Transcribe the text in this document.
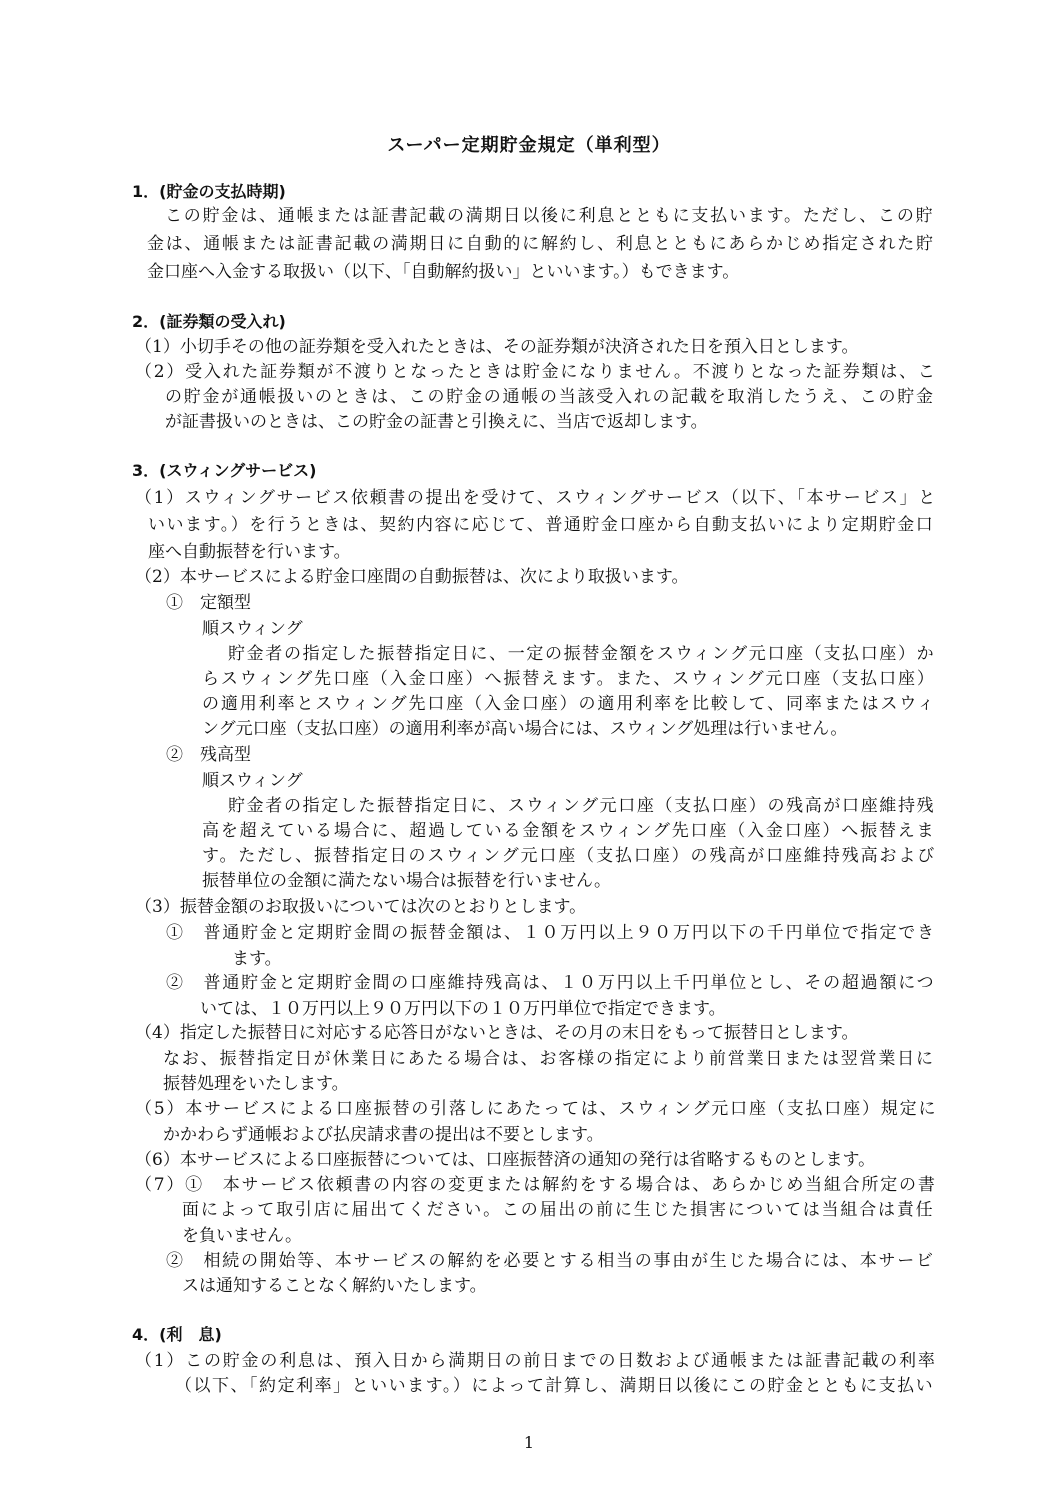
スーパー定期貯金規定（単利型）
1．(貯金の支払時期)
この貯金は、通帳または証書記載の満期日以後に利息とともに支払います。ただし、この貯
金は、通帳または証書記載の満期日に自動的に解約し、利息とともにあらかじめ指定された貯
金口座へ入金する取扱い（以下、「自動解約扱い」といいます。）もできます。
2．(証券類の受入れ)
（1）小切手その他の証券類を受入れたときは、その証券類が決済された日を預入日とします。
（2）受入れた証券類が不渡りとなったときは貯金になりません。不渡りとなった証券類は、こ
の貯金が通帳扱いのときは、この貯金の通帳の当該受入れの記載を取消したうえ、この貯金
が証書扱いのときは、この貯金の証書と引換えに、当店で返却します。
3．(スウィングサービス)
（1）スウィングサービス依頼書の提出を受けて、スウィングサービス（以下、「本サービス」と
いいます。）を行うときは、契約内容に応じて、普通貯金口座から自動支払いにより定期貯金口
座へ自動振替を行います。
（2）本サービスによる貯金口座間の自動振替は、次により取扱います。
①　定額型
順スウィング
貯金者の指定した振替指定日に、一定の振替金額をスウィング元口座（支払口座）か
らスウィング先口座（入金口座）へ振替えます。また、スウィング元口座（支払口座）
の適用利率とスウィング先口座（入金口座）の適用利率を比較して、同率またはスウィ
ング元口座（支払口座）の適用利率が高い場合には、スウィング処理は行いません。
②　残高型
順スウィング
貯金者の指定した振替指定日に、スウィング元口座（支払口座）の残高が口座維持残
高を超えている場合に、超過している金額をスウィング先口座（入金口座）へ振替えま
す。ただし、振替指定日のスウィング元口座（支払口座）の残高が口座維持残高および
振替単位の金額に満たない場合は振替を行いません。
（3）振替金額のお取扱いについては次のとおりとします。
①　普通貯金と定期貯金間の振替金額は、１０万円以上９０万円以下の千円単位で指定でき
ます。
②　普通貯金と定期貯金間の口座維持残高は、１０万円以上千円単位とし、その超過額につ
いては、１０万円以上９０万円以下の１０万円単位で指定できます。
（4）指定した振替日に対応する応答日がないときは、その月の末日をもって振替日とします。
なお、振替指定日が休業日にあたる場合は、お客様の指定により前営業日または翌営業日に
振替処理をいたします。
（5）本サービスによる口座振替の引落しにあたっては、スウィング元口座（支払口座）規定に
かかわらず通帳および払戻請求書の提出は不要とします。
（6）本サービスによる口座振替については、口座振替済の通知の発行は省略するものとします。
（7）①　本サービス依頼書の内容の変更または解約をする場合は、あらかじめ当組合所定の書
面によって取引店に届出てください。この届出の前に生じた損害については当組合は責任
を負いません。
②　相続の開始等、本サービスの解約を必要とする相当の事由が生じた場合には、本サービ
スは通知することなく解約いたします。
4．(利　息)
（1）この貯金の利息は、預入日から満期日の前日までの日数および通帳または証書記載の利率
（以下、「約定利率」といいます。）によって計算し、満期日以後にこの貯金とともに支払い
1
